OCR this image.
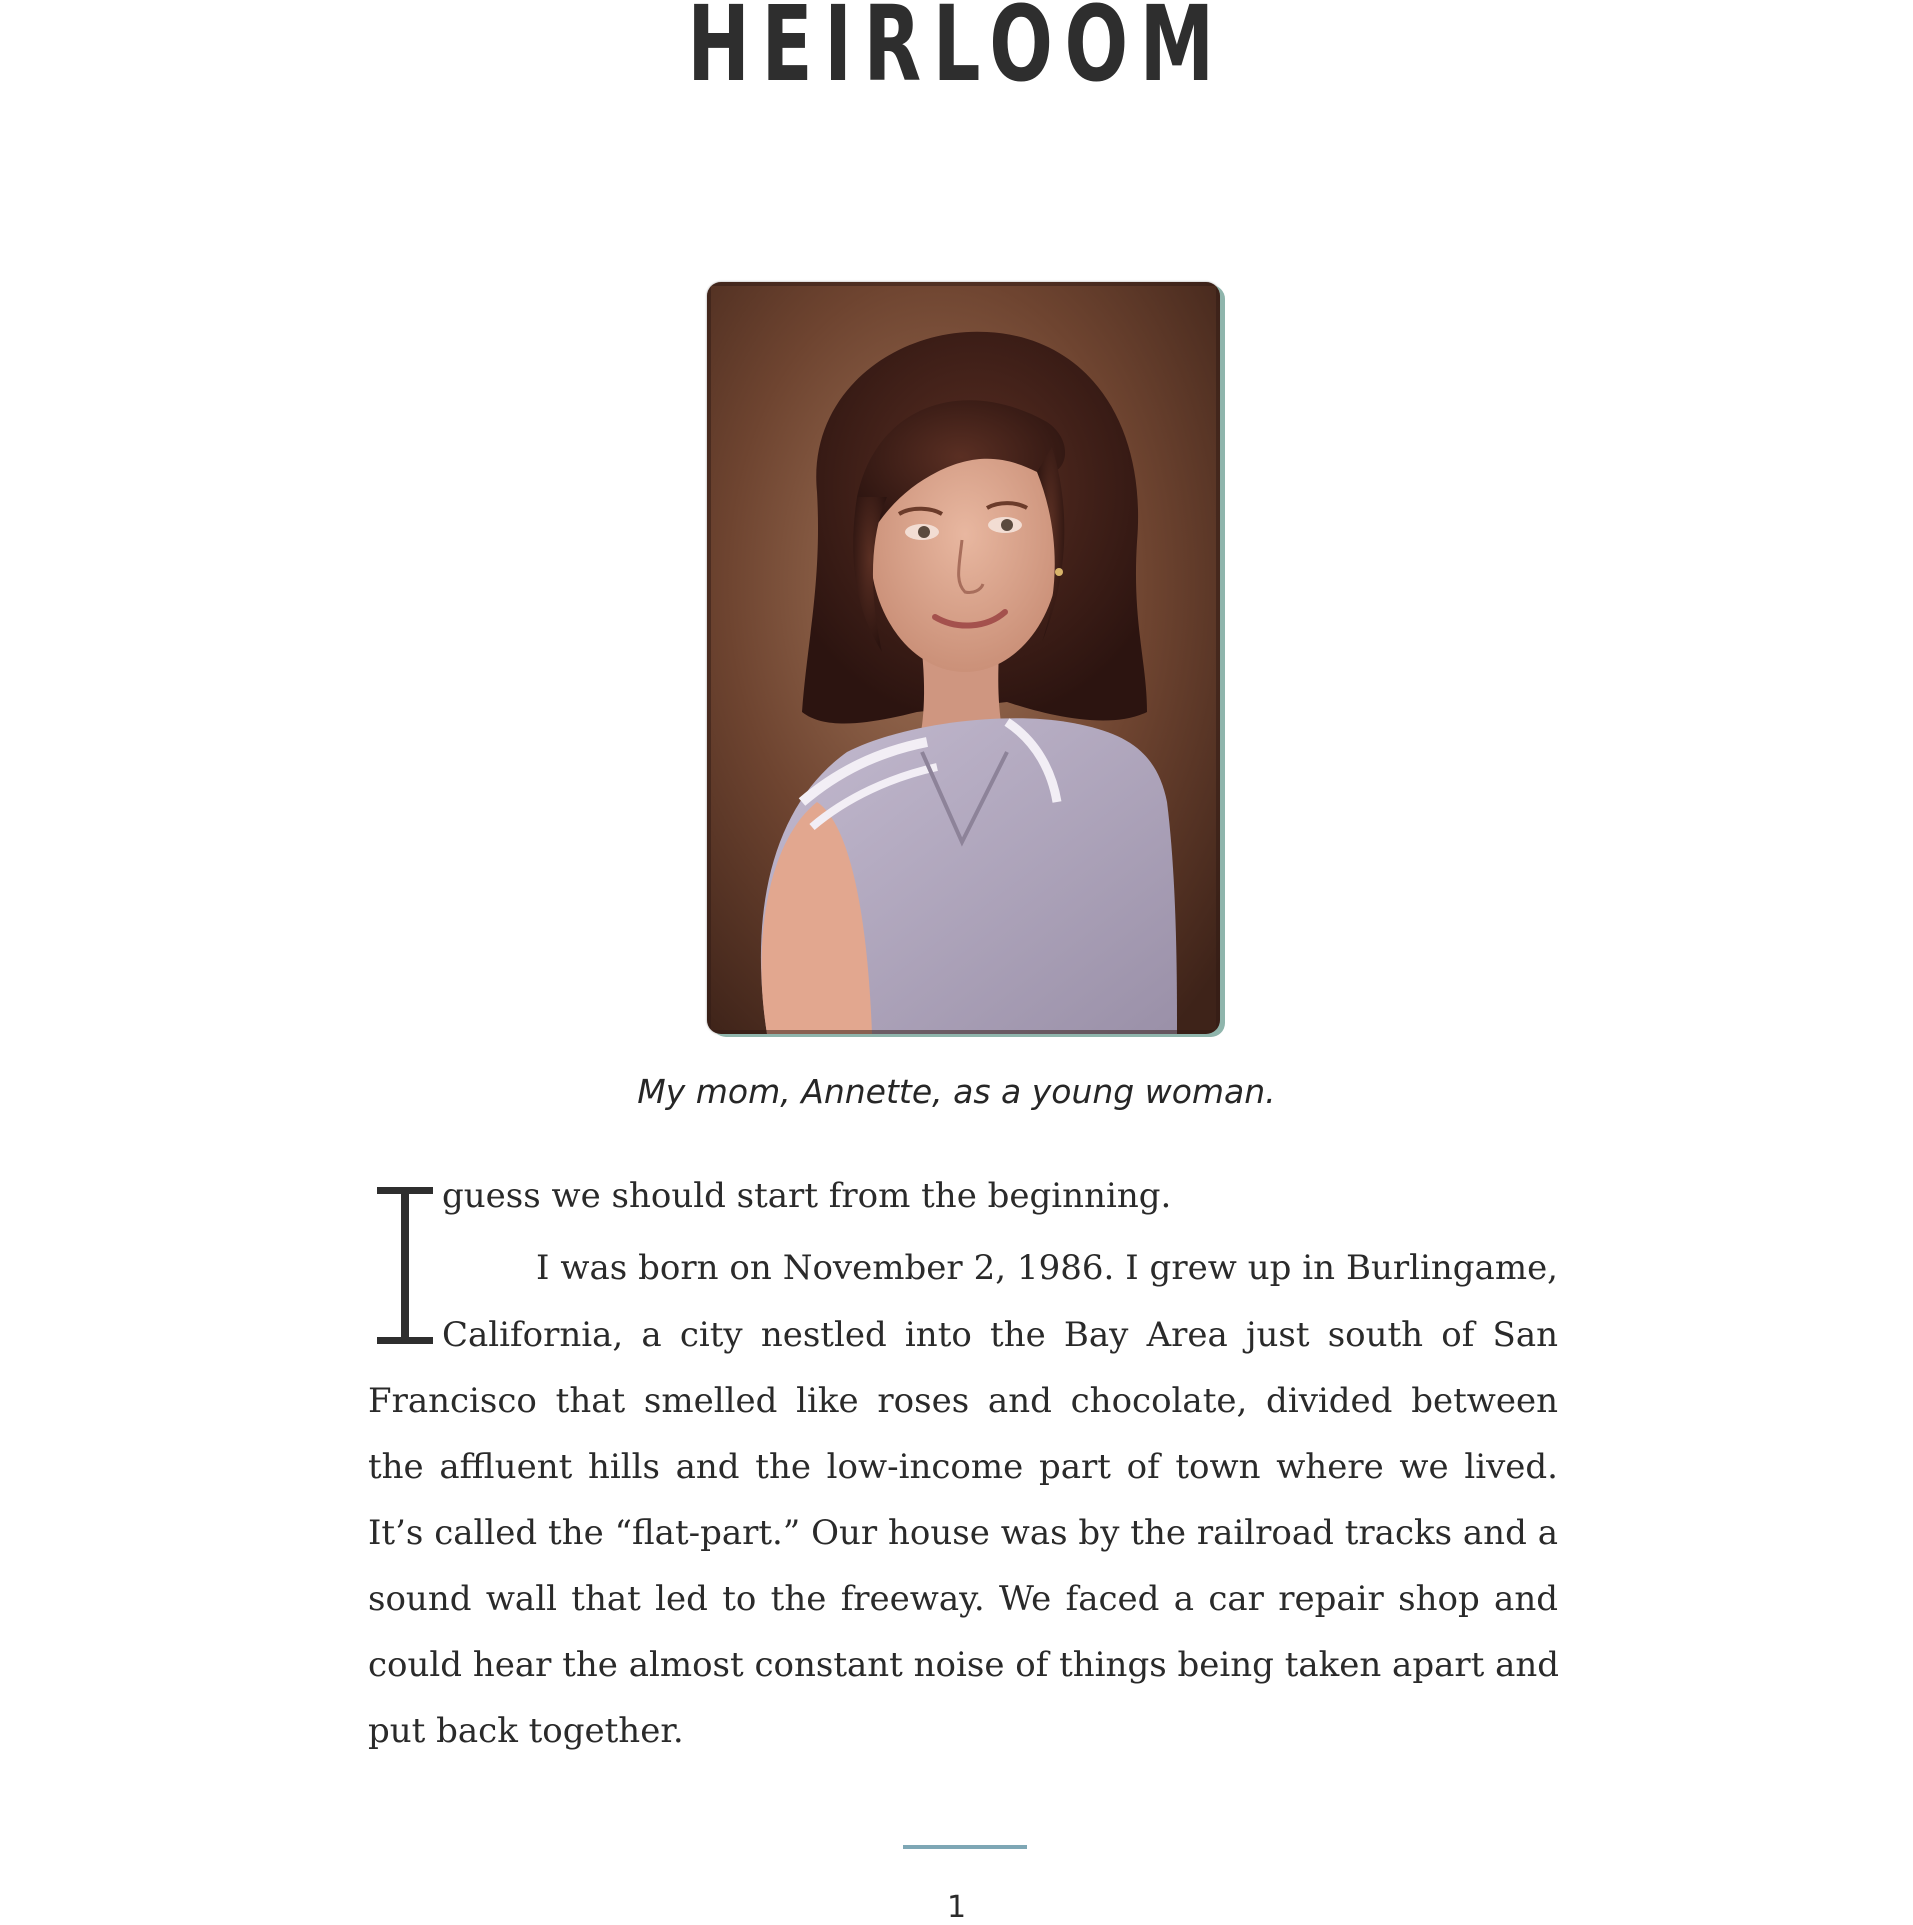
HEIRLOOM
My mom, Annette, as a young woman.
guess we should start from the beginning.
I was born on November 2, 1986. I grew up in Burlingame,
California, a city nestled into the Bay Area just south of San
Francisco that smelled like roses and chocolate, divided between
the affluent hills and the low-income part of town where we lived.
It’s called the “flat-part.” Our house was by the railroad tracks and a
sound wall that led to the freeway. We faced a car repair shop and
could hear the almost constant noise of things being taken apart and
put back together.
1
